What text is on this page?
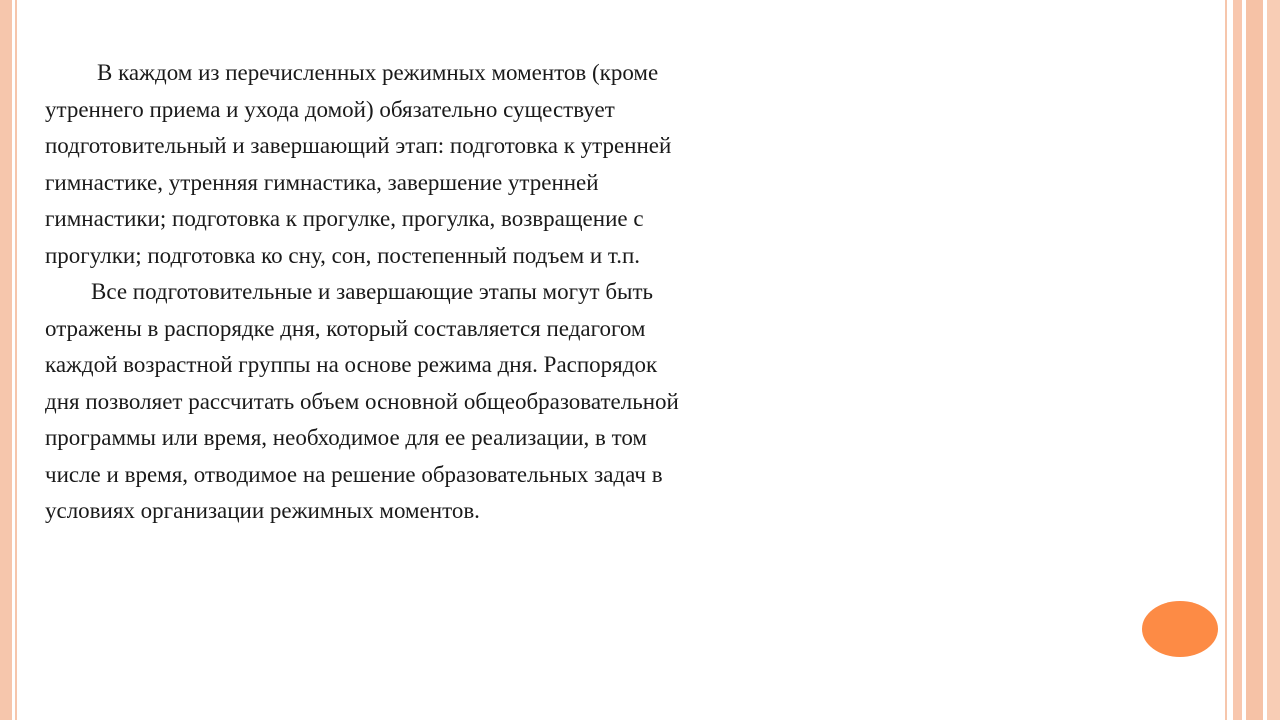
В каждом из перечисленных режимных моментов (кроме утреннего приема и ухода домой) обязательно существует подготовительный и завершающий этап: подготовка к утренней гимнастике, утренняя гимнастика, завершение утренней гимнастики; подготовка к прогулке, прогулка, возвращение с прогулки; подготовка ко сну, сон, постепенный подъем и т.п.

Все подготовительные и завершающие этапы могут быть отражены в распорядке дня, который составляется педагогом каждой возрастной группы на основе режима дня. Распорядок дня позволяет рассчитать объем основной общеобразовательной программы или время, необходимое для ее реализации, в том числе и время, отводимое на решение образовательных задач в условиях организации режимных моментов.
